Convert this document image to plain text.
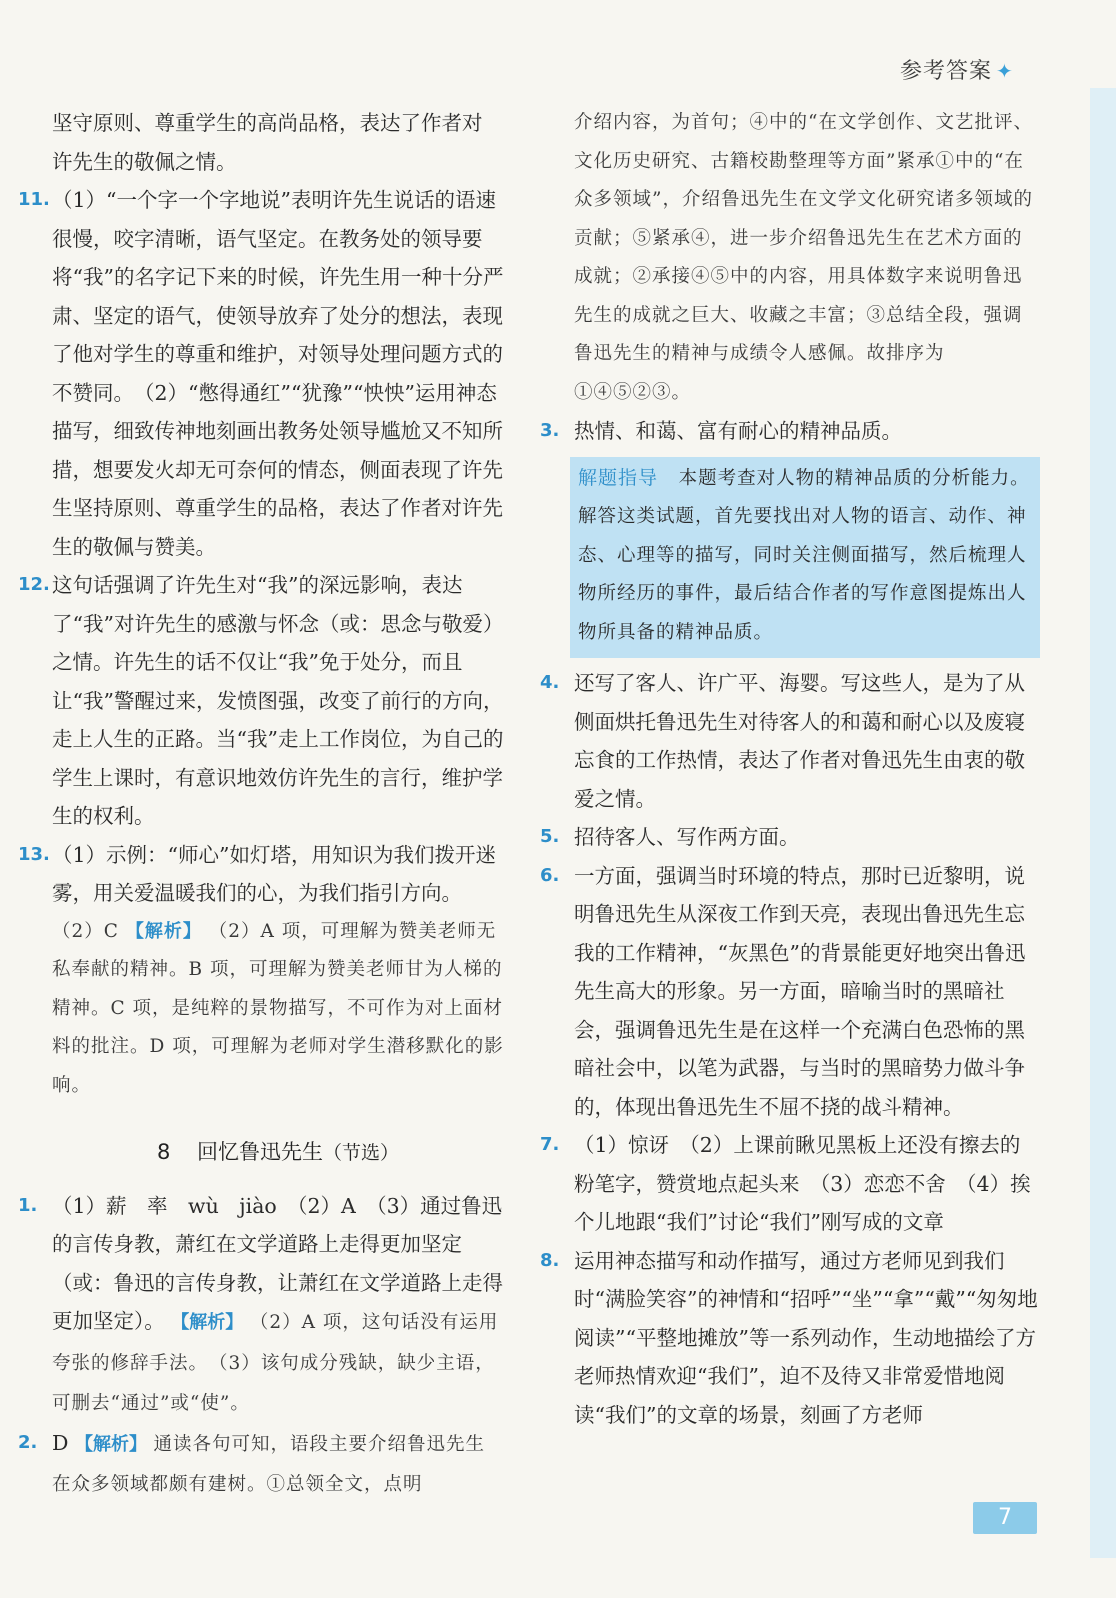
参考答案 ✦
坚守原则、尊重学生的高尚品格，表达了作者对
许先生的敬佩之情。
11. （1）“一个字一个字地说”表明许先生说话的语速很慢，咬字清晰，语气坚定。在教务处的领导要将“我”的名字记下来的时候，许先生用一种十分严肃、坚定的语气，使领导放弃了处分的想法，表现了他对学生的尊重和维护，对领导处理问题方式的不赞同。　（2）“憋得通红”“犹豫”“怏怏”运用神态描写，细致传神地刻画出教务处领导尴尬又不知所措，想要发火却无可奈何的情态，侧面表现了许先生坚持原则、尊重学生的品格，表达了作者对许先生的敬佩与赞美。
12. 这句话强调了许先生对“我”的深远影响，表达了“我”对许先生的感激与怀念（或：思念与敬爱）之情。许先生的话不仅让“我”免于处分，而且让“我”警醒过来，发愤图强，改变了前行的方向，走上人生的正路。当“我”走上工作岗位，为自己的学生上课时，有意识地效仿许先生的言行，维护学生的权利。
13. （1）示例：“师心”如灯塔，用知识为我们拨开迷雾，用关爱温暖我们的心，为我们指引方向。
（2）C 【解析】 （2）A 项，可理解为赞美老师无私奉献的精神。B 项，可理解为赞美老师甘为人梯的精神。C 项，是纯粹的景物描写，不可作为对上面材料的批注。D 项，可理解为老师对学生潜移默化的影响。
8 回忆鲁迅先生（节选）
1. （1）薪　率　wù　jiào　（2）A　（3）通过鲁迅的言传身教，萧红在文学道路上走得更加坚定（或：鲁迅的言传身教，让萧红在文学道路上走得更加坚定）。 【解析】 （2）A 项，这句话没有运用夸张的修辞手法。　（3）该句成分残缺，缺少主语，可删去“通过”或“使”。
2. D 【解析】 通读各句可知，语段主要介绍鲁迅先生在众多领域都颇有建树。①总领全文，点明
介绍内容，为首句；④中的“在文学创作、文艺批评、文化历史研究、古籍校勘整理等方面”紧承①中的“在众多领域”，介绍鲁迅先生在文学文化研究诸多领域的贡献；⑤紧承④，进一步介绍鲁迅先生在艺术方面的成就；②承接④⑤中的内容，用具体数字来说明鲁迅先生的成就之巨大、收藏之丰富；③总结全段，强调鲁迅先生的精神与成绩令人感佩。故排序为①④⑤②③。
3. 热情、和蔼、富有耐心的精神品质。
解题指导 本题考查对人物的精神品质的分析能力。解答这类试题，首先要找出对人物的语言、动作、神态、心理等的描写，同时关注侧面描写，然后梳理人物所经历的事件，最后结合作者的写作意图提炼出人物所具备的精神品质。
4. 还写了客人、许广平、海婴。写这些人，是为了从侧面烘托鲁迅先生对待客人的和蔼和耐心以及废寝忘食的工作热情，表达了作者对鲁迅先生由衷的敬爱之情。
5. 招待客人、写作两方面。
6. 一方面，强调当时环境的特点，那时已近黎明，说明鲁迅先生从深夜工作到天亮，表现出鲁迅先生忘我的工作精神，“灰黑色”的背景能更好地突出鲁迅先生高大的形象。另一方面，暗喻当时的黑暗社会，强调鲁迅先生是在这样一个充满白色恐怖的黑暗社会中，以笔为武器，与当时的黑暗势力做斗争的，体现出鲁迅先生不屈不挠的战斗精神。
7. （1）惊讶　（2）上课前瞅见黑板上还没有擦去的粉笔字，赞赏地点起头来　（3）恋恋不舍　（4）挨个儿地跟“我们”讨论“我们”刚写成的文章
8. 运用神态描写和动作描写，通过方老师见到我们时“满脸笑容”的神情和“招呼”“坐”“拿”“戴”“匆匆地阅读”“平整地摊放”等一系列动作，生动地描绘了方老师热情欢迎“我们”，迫不及待又非常爱惜地阅读“我们”的文章的场景，刻画了方老师
7
